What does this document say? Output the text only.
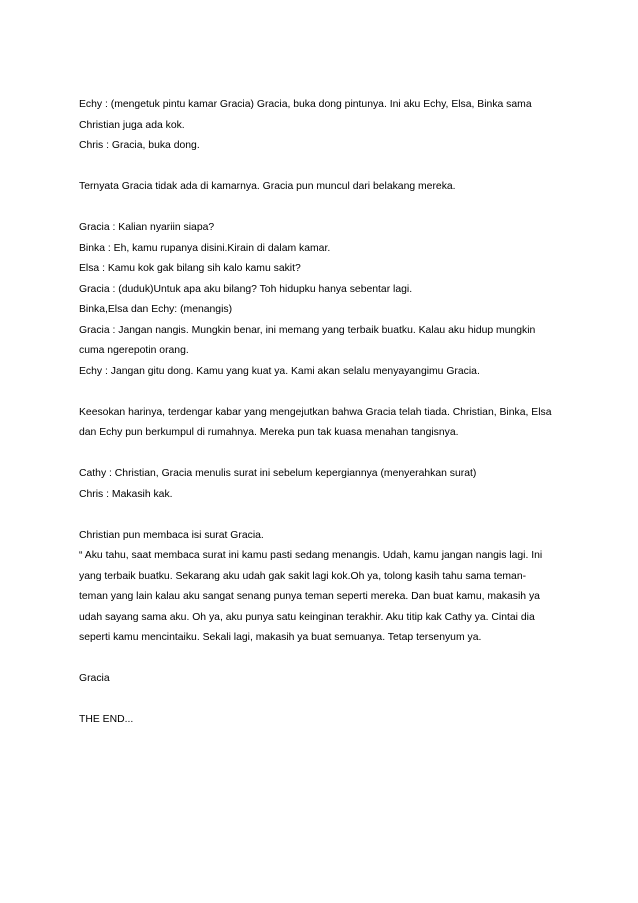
Echy : (mengetuk pintu kamar Gracia) Gracia, buka dong pintunya. Ini aku Echy, Elsa, Binka sama
Christian juga ada kok.
Chris : Gracia, buka dong.
Ternyata Gracia tidak ada di kamarnya. Gracia pun muncul dari belakang mereka.
Gracia : Kalian nyariin siapa?
Binka : Eh, kamu rupanya disini.Kirain di dalam kamar.
Elsa : Kamu kok gak bilang sih kalo kamu sakit?
Gracia : (duduk)Untuk apa aku bilang? Toh hidupku hanya sebentar lagi.
Binka,Elsa dan Echy: (menangis)
Gracia : Jangan nangis. Mungkin benar, ini memang yang terbaik buatku. Kalau aku hidup mungkin
cuma ngerepotin orang.
Echy : Jangan gitu dong. Kamu yang kuat ya. Kami akan selalu menyayangimu Gracia.
Keesokan harinya, terdengar kabar yang mengejutkan bahwa Gracia telah tiada. Christian, Binka, Elsa
dan Echy pun berkumpul di rumahnya. Mereka pun tak kuasa menahan tangisnya.
Cathy : Christian, Gracia menulis surat ini sebelum kepergiannya (menyerahkan surat)
Chris : Makasih kak.
Christian pun membaca isi surat Gracia.
“ Aku tahu, saat membaca surat ini kamu pasti sedang menangis. Udah, kamu jangan nangis lagi. Ini
yang terbaik buatku. Sekarang aku udah gak sakit lagi kok.Oh ya, tolong kasih tahu sama teman-
teman yang lain kalau aku sangat senang punya teman seperti mereka. Dan buat kamu, makasih ya
udah sayang sama aku. Oh ya, aku punya satu keinginan terakhir. Aku titip kak Cathy ya. Cintai dia
seperti kamu mencintaiku. Sekali lagi, makasih ya buat semuanya. Tetap tersenyum ya.
Gracia
THE END...
